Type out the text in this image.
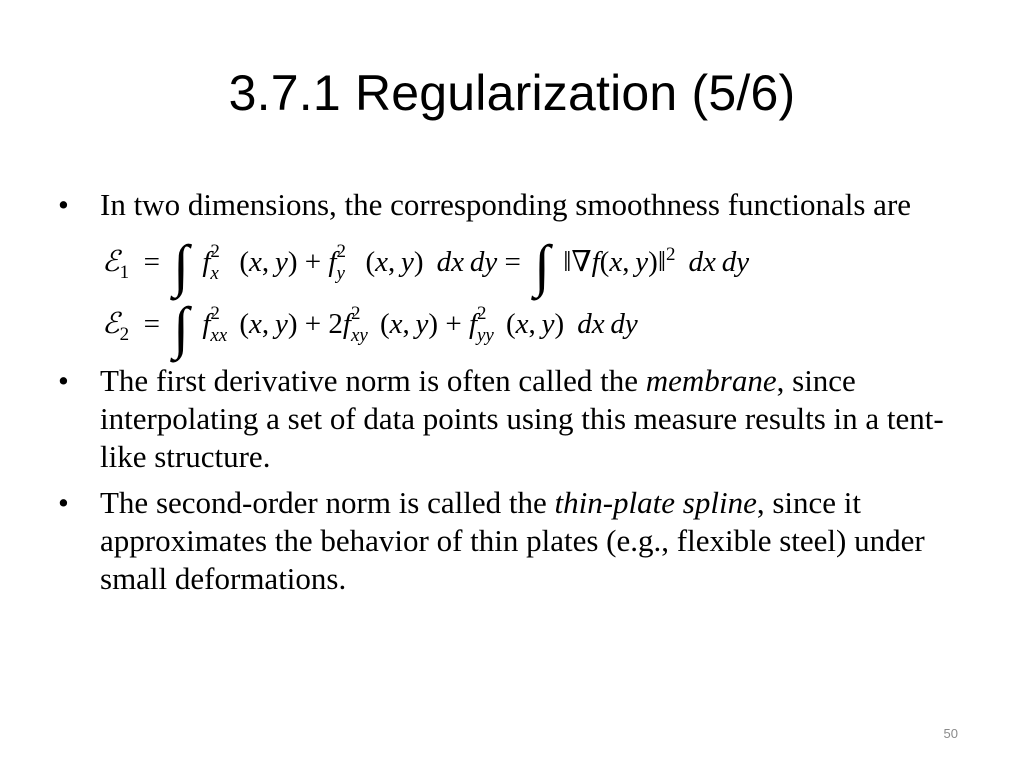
3.7.1 Regularization (5/6)
•	In two dimensions, the corresponding smoothness functionals are
ℰ$_1$  = ∫ f 2
x (x, y) + f 2
y (x, y)  dx  dy = ∫ ‖∇f(x, y)‖$^2$   dx  dy
ℰ$_2$  = ∫ f 2
xx (x, y) + 2f 2
xy (x, y) + f 2
yy (x, y)  dx  dy
•	The first derivative norm is often called the membrane, since interpolating a set of data points using this measure results in a tent-like structure.
•	The second-order norm is called the thin-plate spline, since it approximates the behavior of thin plates (e.g., flexible steel) under small deformations.
50
